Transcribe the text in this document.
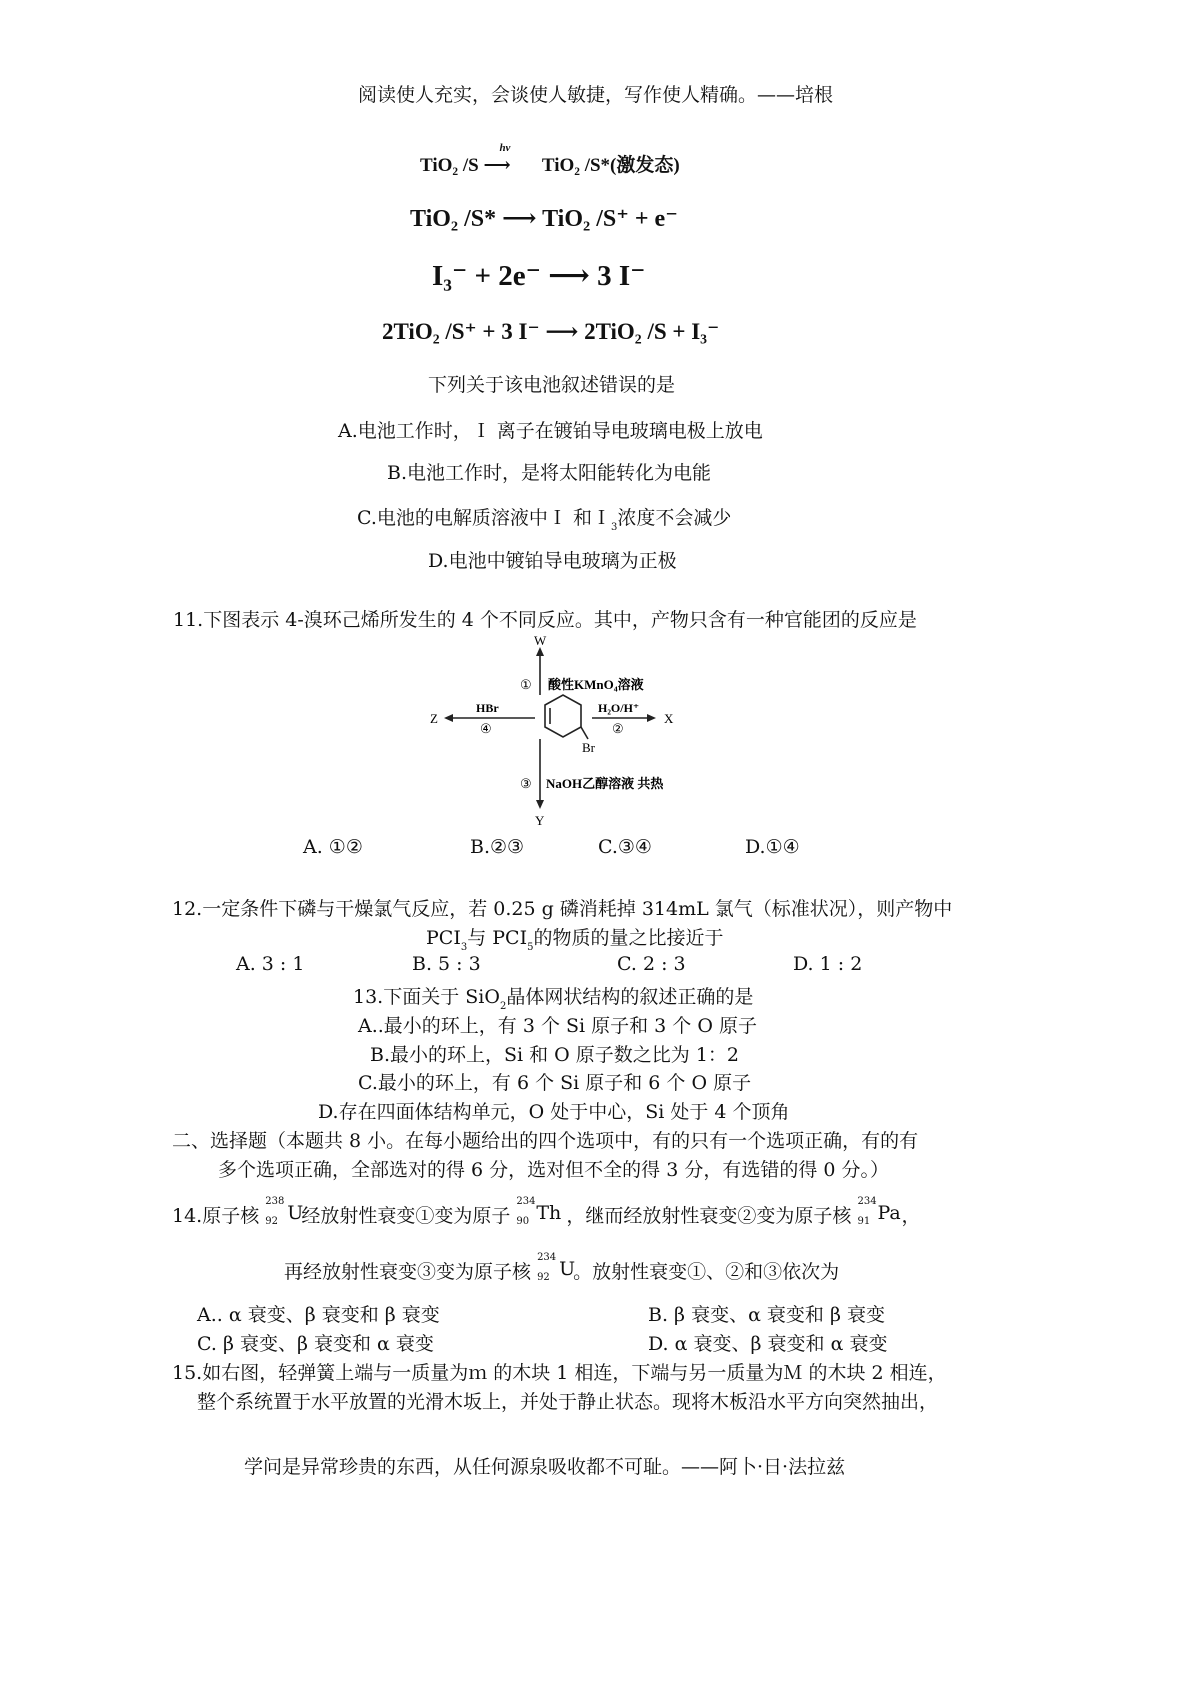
阅读使人充实，会谈使人敏捷，写作使人精确。——培根
TiO₂ /S
hν
⟶ TiO₂ /S*(激发态)
TiO₂ /S* ⟶ TiO₂ /S⁺ + e⁻
I₃⁻ + 2e⁻ ⟶ 3 I⁻
2TiO₂ /S⁺ + 3 I⁻ ⟶ 2TiO₂ /S + I₃⁻
下列关于该电池叙述错误的是
A.电池工作时，Ｉ 离子在镀铂导电玻璃电极上放电
B.电池工作时，是将太阳能转化为电能
C.电池的电解质溶液中Ｉ 和Ｉ$_3$浓度不会减少
D.电池中镀铂导电玻璃为正极
11.下图表示 4-溴环己烯所发生的 4 个不同反应。其中，产物只含有一种官能团的反应是
W
X
Y
Z
Br
① 酸性KMnO₄溶液
H₂O/H⁺
②
③ NaOH乙醇溶液 共热
HBr
④
A. ①②	B.②③	C.③④	D.①④
12.一定条件下磷与干燥氯气反应，若 0.25 g 磷消耗掉 314mL 氯气（标准状况），则产物中
$PCI_3$与 $PCI_5$的物质的量之比接近于
A. 3 : 1	B. 5 : 3	C. 2 : 3	D. 1 : 2
13.下面关于 SiO$_2$晶体网状结构的叙述正确的是
A..最小的环上，有 3 个 Si 原子和 3 个 O 原子
B.最小的环上，Si 和 O 原子数之比为 1：2
C.最小的环上，有 6 个 Si 原子和 6 个 O 原子
D.存在四面体结构单元，O 处于中心，Si 处于 4 个顶角
二、选择题（本题共 8 小。在每小题给出的四个选项中，有的只有一个选项正确，有的有
多个选项正确，全部选对的得 6 分，选对但不全的得 3 分，有选错的得 0 分。）
14.原子核
238
92 U
经放射性衰变①变为原子
234
90 Th ，继而经放射性衰变②变为原子核
234
91 Pa ，
再经放射性衰变③变为原子核
234
92 U
。放射性衰变①、②和③依次为
A.. α 衰变、β 衰变和 β 衰变	B. β 衰变、α 衰变和 β 衰变
C. β 衰变、β 衰变和 α 衰变	D. α 衰变、β 衰变和 α 衰变
15.如右图，轻弹簧上端与一质量为ｍ 的木块 1 相连，下端与另一质量为Ｍ 的木块 2 相连，
整个系统置于水平放置的光滑木坂上，并处于静止状态。现将木板沿水平方向突然抽出，
学问是异常珍贵的东西，从任何源泉吸收都不可耻。——阿卜·日·法拉兹
